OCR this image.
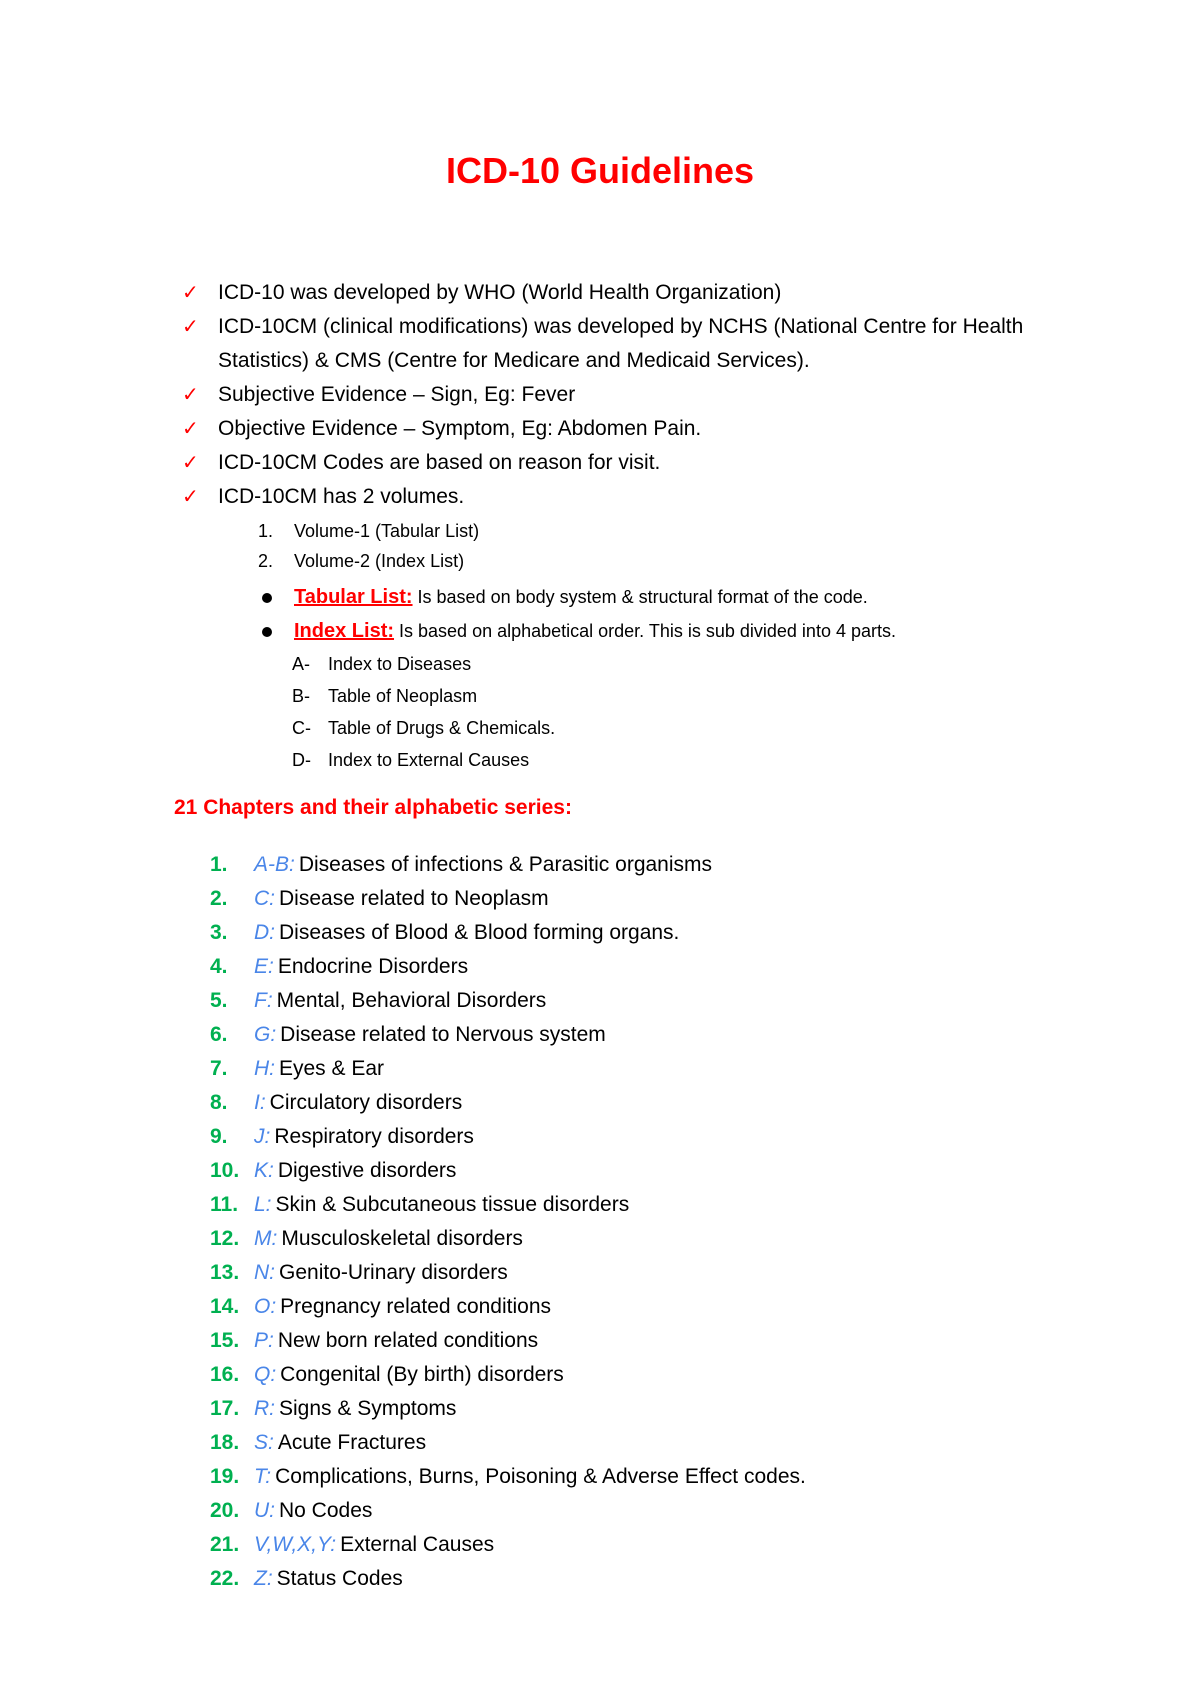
ICD-10 Guidelines
✓ ICD-10 was developed by WHO (World Health Organization)
✓ ICD-10CM (clinical modifications) was developed by NCHS (National Centre for Health Statistics) & CMS (Centre for Medicare and Medicaid Services).
✓ Subjective Evidence – Sign, Eg: Fever
✓ Objective Evidence – Symptom, Eg: Abdomen Pain.
✓ ICD-10CM Codes are based on reason for visit.
✓ ICD-10CM has 2 volumes.
1. Volume-1 (Tabular List)
2. Volume-2 (Index List)
Tabular List: Is based on body system & structural format of the code.
Index List: Is based on alphabetical order. This is sub divided into 4 parts.
A- Index to Diseases
B- Table of Neoplasm
C- Table of Drugs & Chemicals.
D- Index to External Causes
21 Chapters and their alphabetic series:
1. A-B: Diseases of infections & Parasitic organisms
2. C: Disease related to Neoplasm
3. D: Diseases of Blood & Blood forming organs.
4. E: Endocrine Disorders
5. F: Mental, Behavioral Disorders
6. G: Disease related to Nervous system
7. H: Eyes & Ear
8. I: Circulatory disorders
9. J: Respiratory disorders
10. K: Digestive disorders
11. L: Skin & Subcutaneous tissue disorders
12. M: Musculoskeletal disorders
13. N: Genito-Urinary disorders
14. O: Pregnancy related conditions
15. P: New born related conditions
16. Q: Congenital (By birth) disorders
17. R: Signs & Symptoms
18. S: Acute Fractures
19. T: Complications, Burns, Poisoning & Adverse Effect codes.
20. U: No Codes
21. V,W,X,Y: External Causes
22. Z: Status Codes
